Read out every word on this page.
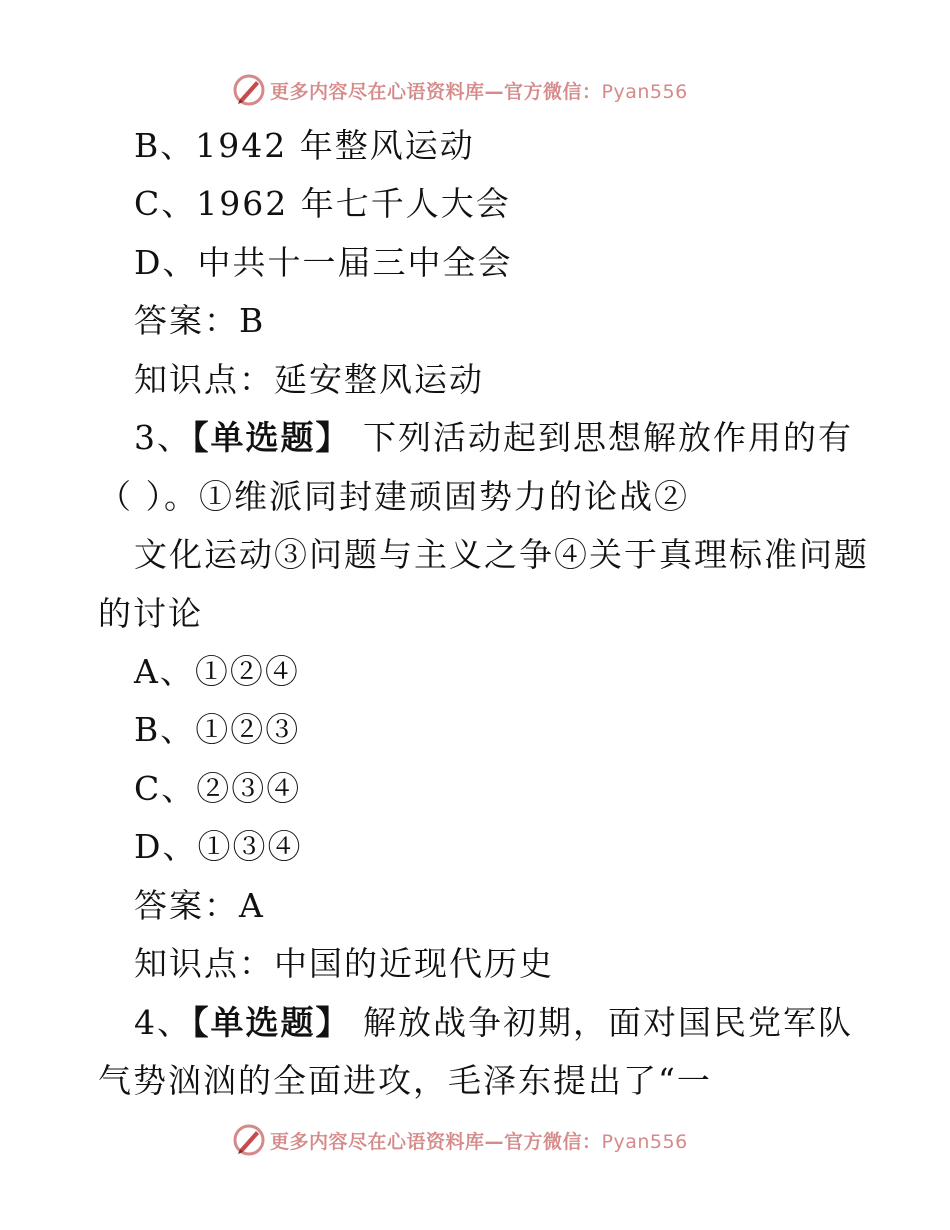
更多内容尽在心语资料库—官方微信：Pyan556
B、1942 年整风运动
C、1962 年七千人大会
D、中共十一届三中全会
答案：B
知识点：延安整风运动
3、【单选题】 下列活动起到思想解放作用的有
（ ）。①维派同封建顽固势力的论战②
文化运动③问题与主义之争④关于真理标准问题
的讨论
A、①②④
B、①②③
C、②③④
D、①③④
答案：A
知识点：中国的近现代历史
4、【单选题】 解放战争初期，面对国民党军队
气势汹汹的全面进攻，毛泽东提出了“一
更多内容尽在心语资料库—官方微信：Pyan556
